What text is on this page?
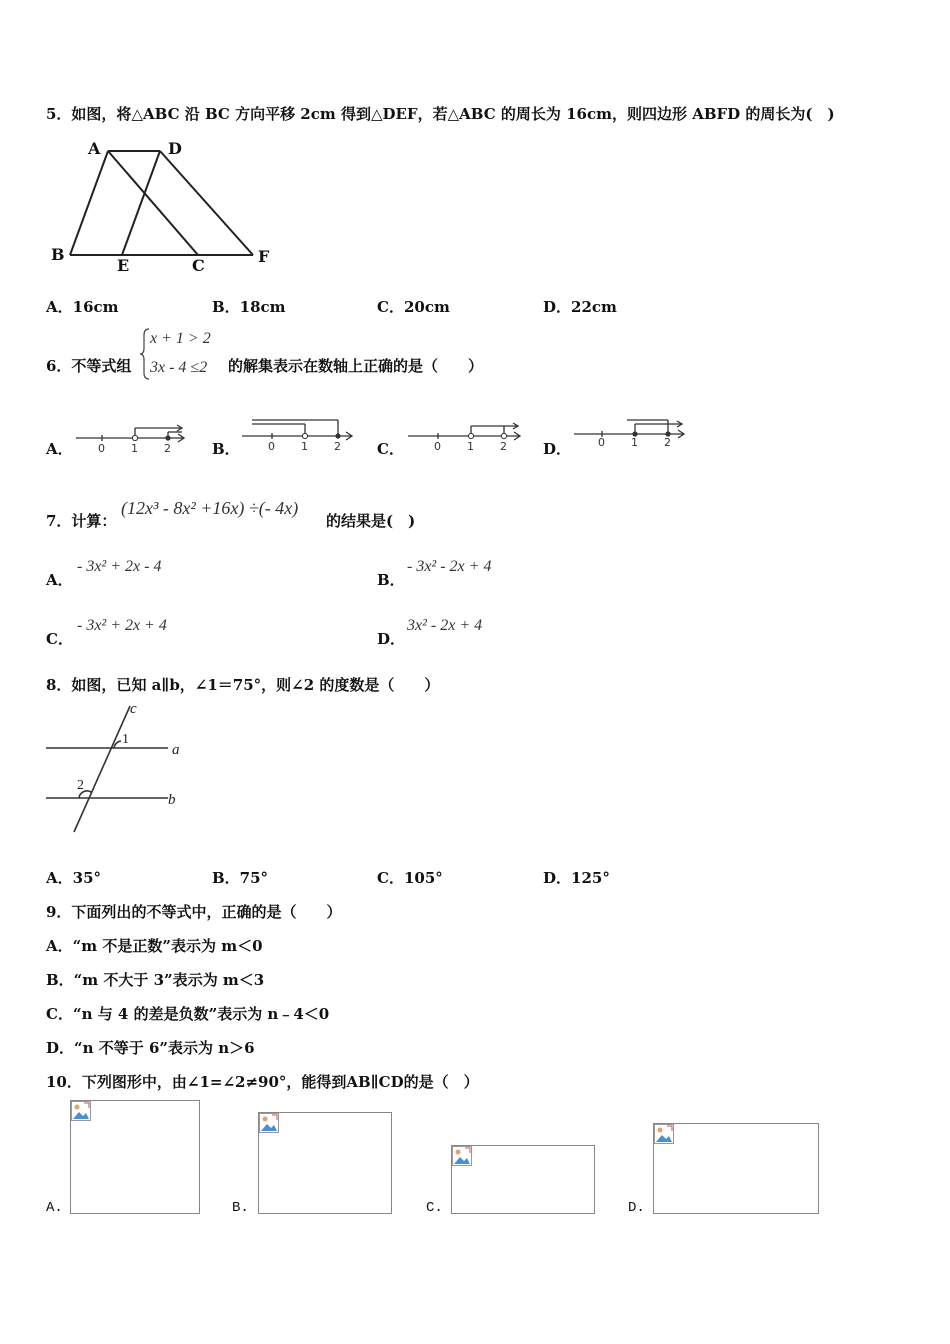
5．如图，将△ABC 沿 BC 方向平移 2cm 得到△DEF，若△ABC 的周长为 16cm，则四边形 ABFD 的周长为(　)
A	D
B
E	C	F
A．16cm	B．18cm	C．20cm	D．22cm
6．不等式组
x + 1 > 2
3x - 4 ≤2 的解集表示在数轴上正确的是（　　）
A．	B．	C．	D．
0 1 2	0 1 2	0 1 2	0 1 2
7．计算：
(12x³ - 8x² +16x) ÷(- 4x)
的结果是(　)
A．
- 3x² + 2x - 4
B．
- 3x² - 2x + 4
C．
- 3x² + 2x + 4
D．
3x² - 2x + 4
8．如图，已知 a∥b，∠1＝75°，则∠2 的度数是（　　）
c
a
b
1
2
A．35°	B．75°	C．105°	D．125°
9．下面列出的不等式中，正确的是（　　）
A．“m 不是正数”表示为 m＜0
B．“m 不大于 3”表示为 m＜3
C．“n 与 4 的差是负数”表示为 n﹣4＜0
D．“n 不等于 6”表示为 n＞6
10．下列图形中，由∠1=∠2≠90°，能得到AB∥CD的是（　）
A.	B.	C.	D.
